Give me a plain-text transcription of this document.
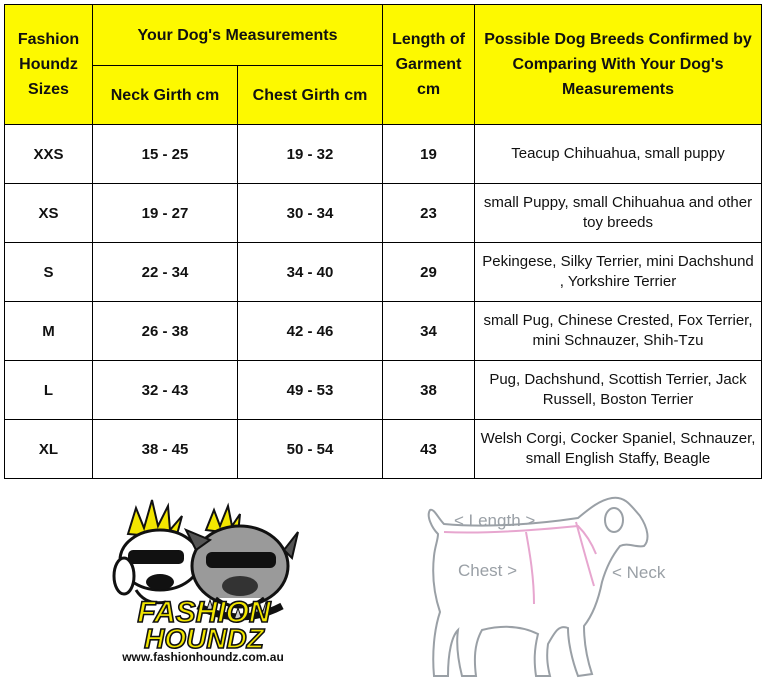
Fashion Houndz Sizes	Your Dog's Measurements		Length of Garment cm	Possible Dog Breeds Confirmed by Comparing With Your Dog's Measurements
	Neck Girth cm	Chest Girth cm		
XXS	15 - 25	19 - 32	19	Teacup Chihuahua, small puppy
XS	19 - 27	30 - 34	23	small Puppy, small Chihuahua and other toy breeds
S	22 - 34	34 - 40	29	Pekingese, Silky Terrier, mini Dachshund , Yorkshire Terrier
M	26 - 38	42 - 46	34	small Pug, Chinese Crested, Fox Terrier, mini Schnauzer, Shih-Tzu
L	32 - 43	49 - 53	38	Pug, Dachshund, Scottish Terrier, Jack Russell, Boston Terrier
XL	38 - 45	50 - 54	43	Welsh Corgi, Cocker Spaniel, Schnauzer, small English Staffy, Beagle
FASHION
HOUNDZ
www.fashionhoundz.com.au
< Length >
Chest >	< Neck
